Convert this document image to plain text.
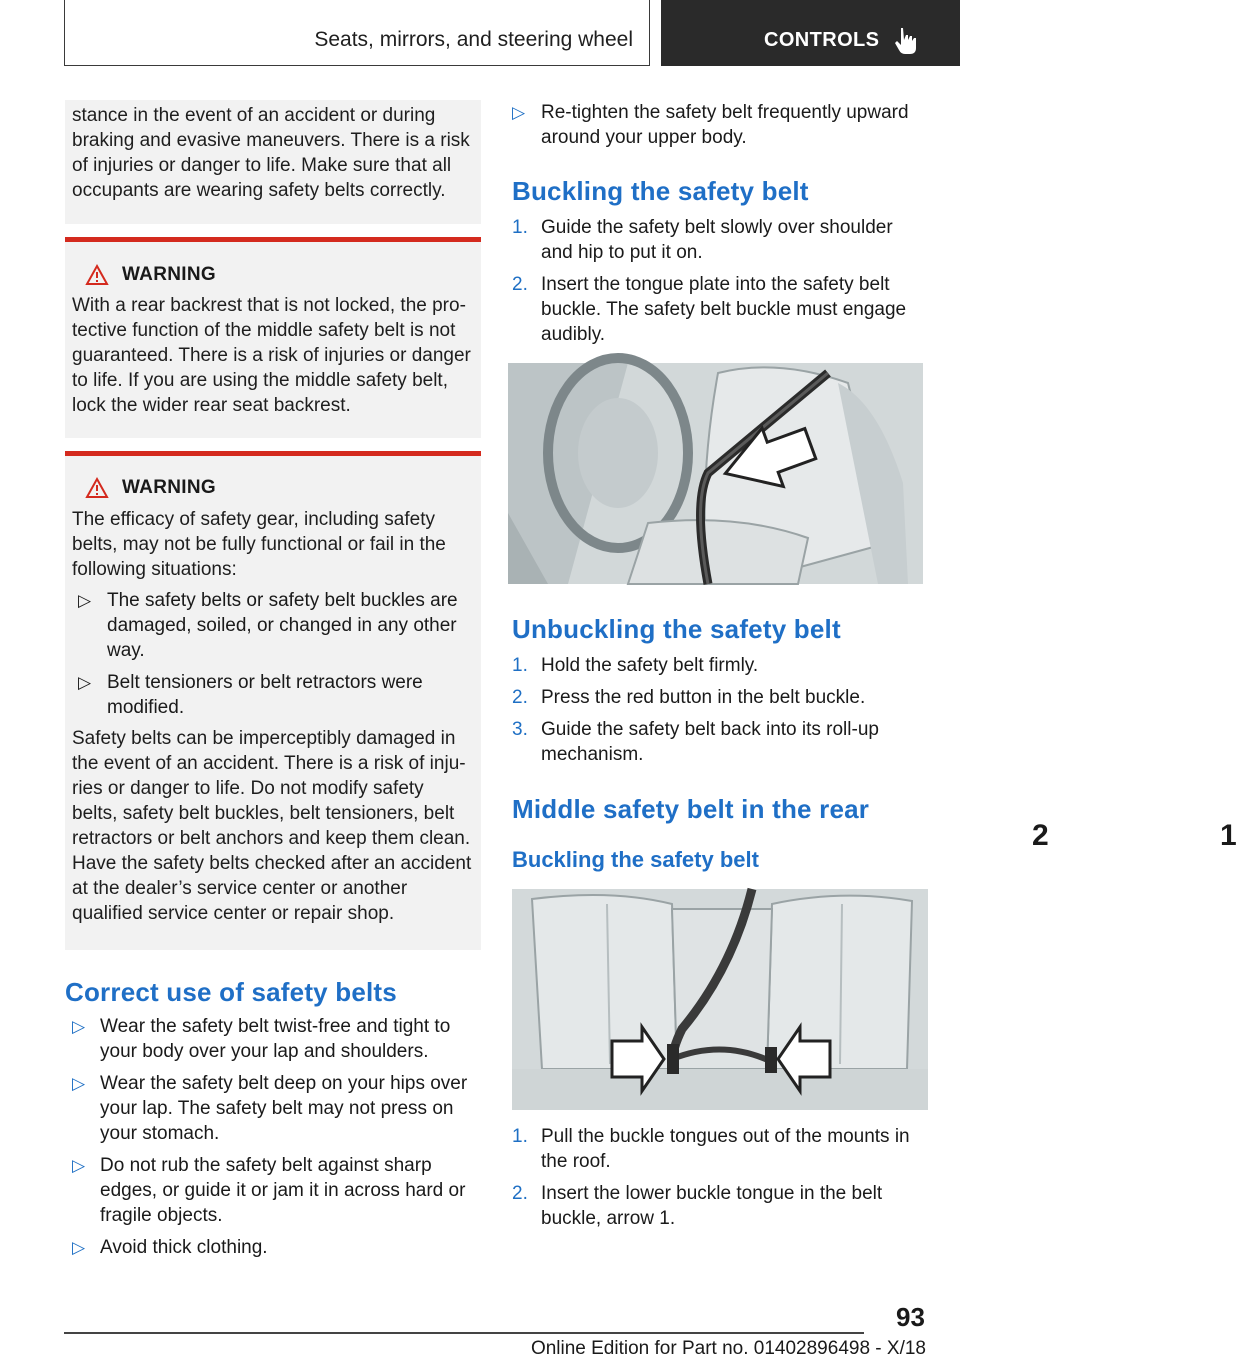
Seats, mirrors, and steering wheel	CONTROLS

stance in the event of an accident or during braking and evasive maneuvers. There is a risk of injuries or danger to life. Make sure that all occupants are wearing safety belts correctly.

WARNING

With a rear backrest that is not locked, the protective function of the middle safety belt is not guaranteed. There is a risk of injuries or danger to life. If you are using the middle safety belt, lock the wider rear seat backrest.

WARNING

The efficacy of safety gear, including safety belts, may not be fully functional or fail in the following situations:

▷ The safety belts or safety belt buckles are damaged, soiled, or changed in any other way.
▷ Belt tensioners or belt retractors were modified.

Safety belts can be imperceptibly damaged in the event of an accident. There is a risk of injuries or danger to life. Do not modify safety belts, safety belt buckles, belt tensioners, belt retractors or belt anchors and keep them clean. Have the safety belts checked after an accident at the dealer’s service center or another qualified service center or repair shop.

Correct use of safety belts
▷ Wear the safety belt twist-free and tight to your body over your lap and shoulders.
▷ Wear the safety belt deep on your hips over your lap. The safety belt may not press on your stomach.
▷ Do not rub the safety belt against sharp edges, or guide it or jam it in across hard or fragile objects.
▷ Avoid thick clothing.
▷ Re-tighten the safety belt frequently upward around your upper body.
Buckling the safety belt
1. Guide the safety belt slowly over shoulder and hip to put it on.
2. Insert the tongue plate into the safety belt buckle. The safety belt buckle must engage audibly.
Unbuckling the safety belt
1. Hold the safety belt firmly.
2. Press the red button in the belt buckle.
3. Guide the safety belt back into its roll-up mechanism.
Middle safety belt in the rear
Buckling the safety belt
2	1
1. Pull the buckle tongues out of the mounts in the roof.
2. Insert the lower buckle tongue in the belt buckle, arrow 1.
93
Online Edition for Part no. 01402896498 - X/18
